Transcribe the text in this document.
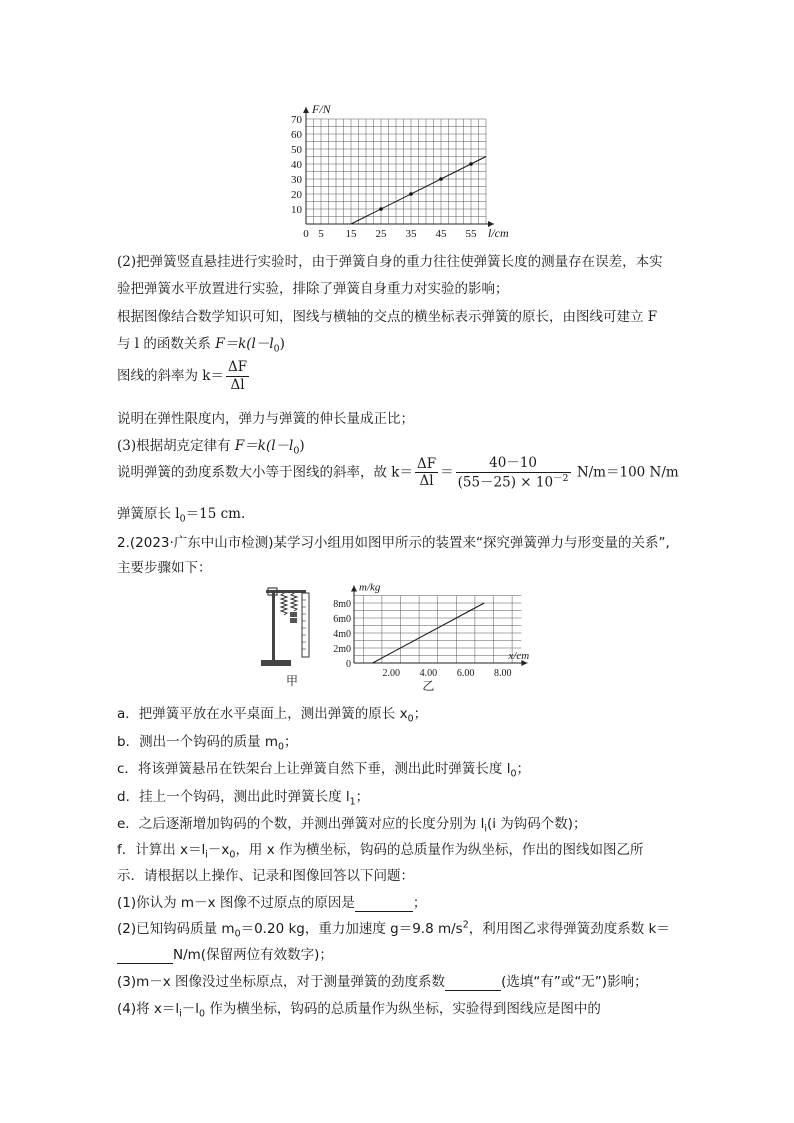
10
20
30
40
50
60
70
0 5 15 25 35 45 55
F/N
l/cm
(2)把弹簧竖直悬挂进行实验时，由于弹簧自身的重力往往使弹簧长度的测量存在误差，本实
验把弹簧水平放置进行实验，排除了弹簧自身重力对实验的影响；
根据图像结合数学知识可知，图线与横轴的交点的横坐标表示弹簧的原长，由图线可建立 F
与 l 的函数关系 $F=k(l-l_0)$
图线的斜率为 $k= \frac{\Delta F}{\Delta l}$
说明在弹性限度内，弹力与弹簧的伸长量成正比；
(3)根据胡克定律有 $F=k(l-l_0)$
说明弹簧的劲度系数大小等于图线的斜率，故 $k= \frac{\Delta F}{\Delta l} = \frac{40-10}{(55-25) \times 10^{-2}} N/m=100$ N/m
弹簧原长 $l_0=15$ cm.
2.(2023·广东中山市检测)某学习小组用如图甲所示的装置来“探究弹簧弹力与形变量的关系”,
主要步骤如下：
甲
0
2m0
4m0
6m0
8m0
2.00 4.00 6.00 8.00
m/kg
x/cm
乙
a．把弹簧平放在水平桌面上，测出弹簧的原长 $x_0$；
b．测出一个钩码的质量 $m_0$；
c．将该弹簧悬吊在铁架台上让弹簧自然下垂，测出此时弹簧长度 $l_0$；
d．挂上一个钩码，测出此时弹簧长度 $l_1$；
e．之后逐渐增加钩码的个数，并测出弹簧对应的长度分别为 $l_i(i$ 为钩码个数)；
f．计算出 $x=l_i-x_0$，用 x 作为横坐标，钩码的总质量作为纵坐标，作出的图线如图乙所
示．请根据以上操作、记录和图像回答以下问题：
(1)你认为 m－x 图像不过原点的原因是	；
(2)已知钩码质量 $m_0=0.20$ kg，重力加速度 g＝9.8 $m/s^2$，利用图乙求得弹簧劲度系数 k＝
N/m(保留两位有效数字)；
(3)m－x 图像没过坐标原点，对于测量弹簧的劲度系数	(选填“有”或“无”)影响；
(4)将 $x=l_i-l_0$ 作为横坐标，钩码的总质量作为纵坐标，实验得到图线应是图中的
